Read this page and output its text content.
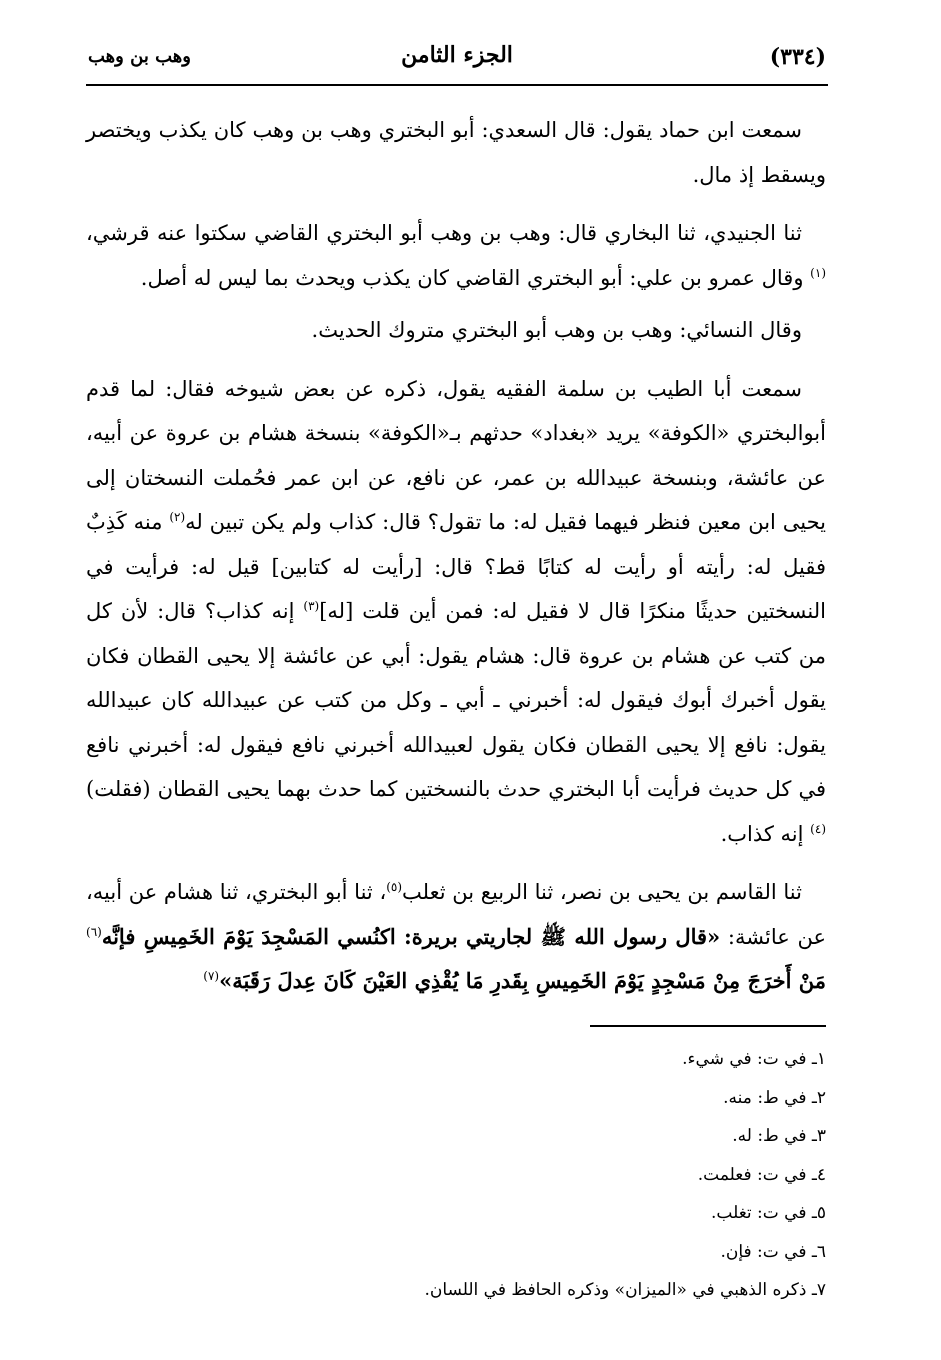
(٣٣٤)
الجزء الثامن
وهب بن وهب

سمعت ابن حماد يقول: قال السعدي: أبو البختري وهب بن وهب كان يكذب ويختصر ويسقط إذ مال.

ثنا الجنيدي، ثنا البخاري قال: وهب بن وهب أبو البختري القاضي سكتوا عنه قرشي،$^{(١)}$ وقال عمرو بن علي: أبو البختري القاضي كان يكذب ويحدث بما ليس له أصل.

وقال النسائي: وهب بن وهب أبو البختري متروك الحديث.

سمعت أبا الطيب بن سلمة الفقيه يقول، ذكره عن بعض شيوخه فقال: لما قدم أبوالبختري «الكوفة» يريد «بغداد» حدثهم بـ«الكوفة» بنسخة هشام بن عروة عن أبيه، عن عائشة، وبنسخة عبيدالله بن عمر، عن نافع، عن ابن عمر فحُملت النسختان إلى يحيى ابن معين فنظر فيهما فقيل له: ما تقول؟ قال: كذاب ولم يكن تبين له$^{(٢)}$ منه كَذِبٌ فقيل له: رأيته أو رأيت له كتابًا قط؟ قال: [رأيت له كتابين] قيل له: فرأيت في النسختين حديثًا منكرًا قال لا فقيل له: فمن أين قلت [له]$^{(٣)}$ إنه كذاب؟ قال: لأن كل من كتب عن هشام بن عروة قال: هشام يقول: أبي عن عائشة إلا يحيى القطان فكان يقول أخبرك أبوك فيقول له: أخبرني ـ أبي ـ وكل من كتب عن عبيدالله كان عبيدالله يقول: نافع إلا يحيى القطان فكان يقول لعبيدالله أخبرني نافع فيقول له: أخبرني نافع في كل حديث فرأيت أبا البختري حدث بالنسختين كما حدث بهما يحيى القطان (فقلت)$^{(٤)}$ إنه كذاب.

ثنا القاسم بن يحيى بن نصر، ثنا الربيع بن ثعلب$^{(٥)}$، ثنا أبو البختري، ثنا هشام عن أبيه، عن عائشة: «قال رسول الله ﷺ لجاريتي بريرة: اكنُسي المَسْجِدَ يَوْمَ الخَمِيسِ فإنَّه$^{(٦)}$ مَنْ أَخرَجَ مِنْ مَسْجِدٍ يَوْمَ الخَمِيسِ بِقَدرِ مَا يُقْذِي العَيْنَ كَانَ عِدلَ رَقَبَة»$^{(٧)}$

١ـ في ت: في شيء.

٢ـ في ط: منه.

٣ـ في ط: له.

٤ـ في ت: فعلمت.

٥ـ في ت: تغلب.

٦ـ في ت: فإن.

٧ـ ذكره الذهبي في «الميزان» وذكره الحافظ في اللسان.
